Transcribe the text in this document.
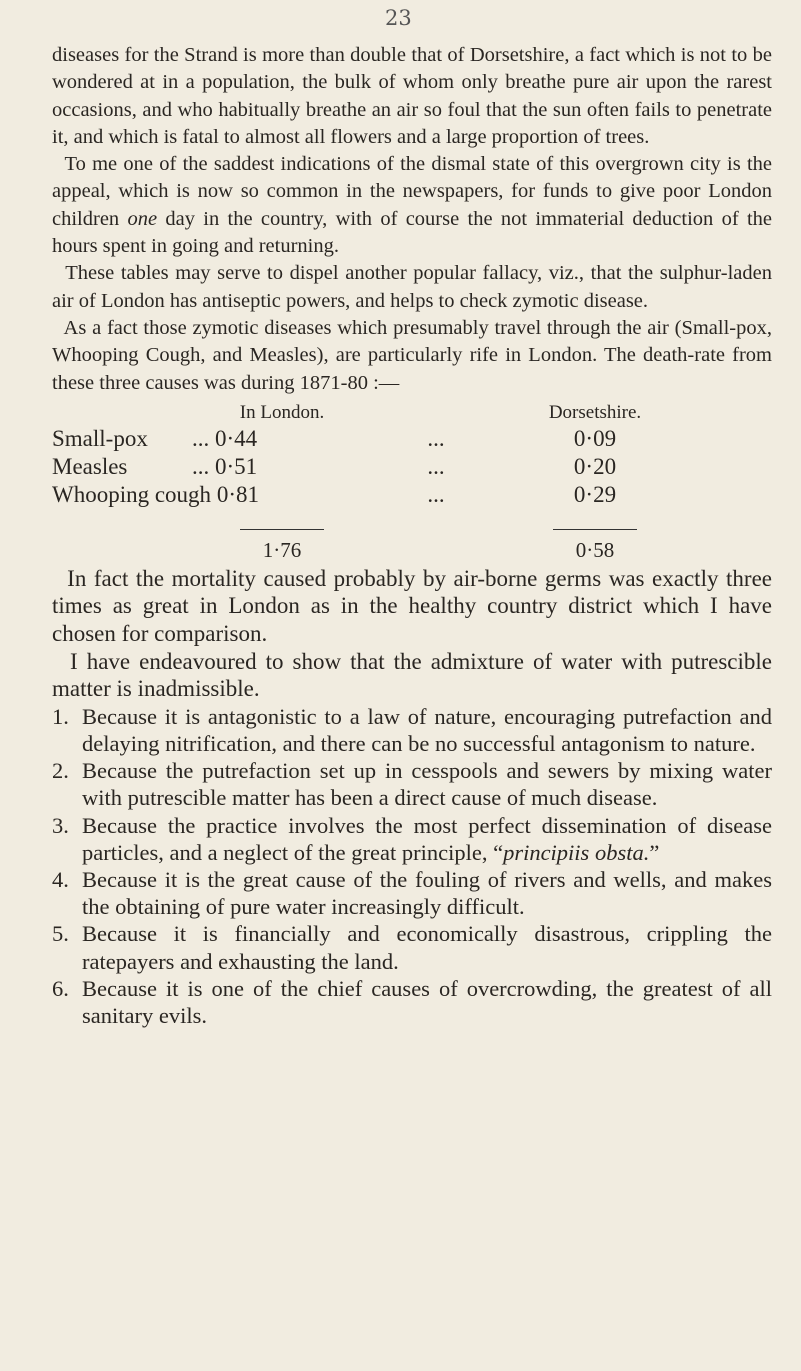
23

diseases for the Strand is more than double that of Dorsetshire, a fact which is not to be wondered at in a population, the bulk of whom only breathe pure air upon the rarest occasions, and who habitually breathe an air so foul that the sun often fails to penetrate it, and which is fatal to almost all flowers and a large proportion of trees.

To me one of the saddest indications of the dismal state of this overgrown city is the appeal, which is now so common in the newspapers, for funds to give poor London children one day in the country, with of course the not immaterial deduction of the hours spent in going and returning.

These tables may serve to dispel another popular fallacy, viz., that the sulphur-laden air of London has antiseptic powers, and helps to check zymotic disease.

As a fact those zymotic diseases which presumably travel through the air (Small-pox, Whooping Cough, and Measles), are particularly rife in London. The death-rate from these three causes was during 1871-80 :—

	In London.		Dorsetshire.
Small-pox	... 0·44	...	0·09
Measles	... 0·51	...	0·20
Whooping cough 0·81		...	0·29

	1·76		0·58

In fact the mortality caused probably by air-borne germs was exactly three times as great in London as in the healthy country district which I have chosen for comparison.

I have endeavoured to show that the admixture of water with putrescible matter is inadmissible.

1. Because it is antagonistic to a law of nature, encouraging putrefaction and delaying nitrification, and there can be no successful antagonism to nature.
2. Because the putrefaction set up in cesspools and sewers by mixing water with putrescible matter has been a direct cause of much disease.
3. Because the practice involves the most perfect dissemination of disease particles, and a neglect of the great principle, “principiis obsta.”
4. Because it is the great cause of the fouling of rivers and wells, and makes the obtaining of pure water increasingly difficult.
5. Because it is financially and economically disastrous, crippling the ratepayers and exhausting the land.
6. Because it is one of the chief causes of overcrowding, the greatest of all sanitary evils.
